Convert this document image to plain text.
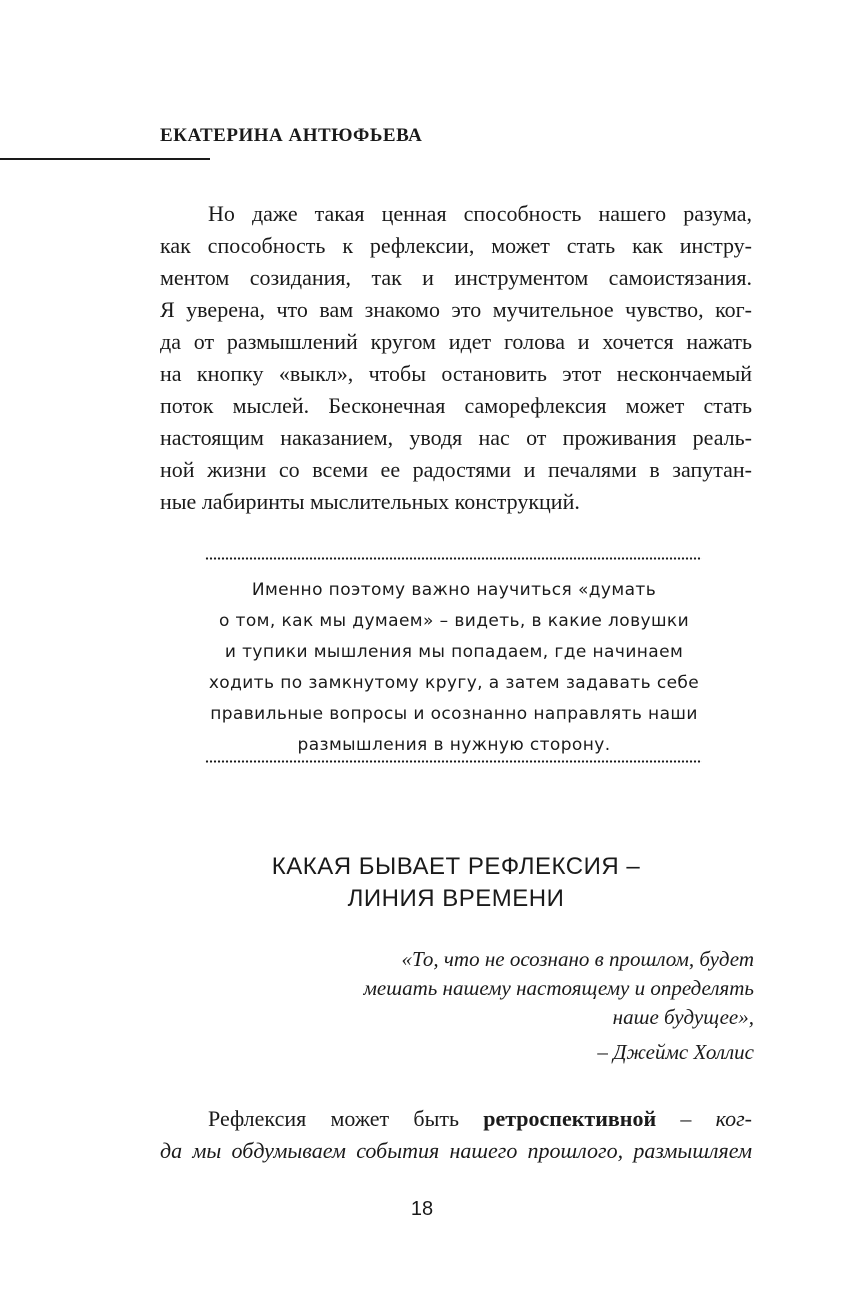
ЕКАТЕРИНА АНТЮФЬЕВА
Но даже такая ценная способность нашего разума,
как способность к рефлексии, может стать как инстру-
ментом созидания, так и инструментом самоистязания.
Я уверена, что вам знакомо это мучительное чувство, ког-
да от размышлений кругом идет голова и хочется нажать
на кнопку «выкл», чтобы остановить этот нескончаемый
поток мыслей. Бесконечная саморефлексия может стать
настоящим наказанием, уводя нас от проживания реаль-
ной жизни со всеми ее радостями и печалями в запутан-
ные лабиринты мыслительных конструкций.
Именно поэтому важно научиться «думать
о том, как мы думаем» – видеть, в какие ловушки
и тупики мышления мы попадаем, где начинаем
ходить по замкнутому кругу, а затем задавать себе
правильные вопросы и осознанно направлять наши
размышления в нужную сторону.
КАКАЯ БЫВАЕТ РЕФЛЕКСИЯ –
ЛИНИЯ ВРЕМЕНИ
«То, что не осознано в прошлом, будет
мешать нашему настоящему и определять
наше будущее»,
– Джеймс Холлис
Рефлексия может быть ретроспективной – ког-
да мы обдумываем события нашего прошлого, размышляем
18
